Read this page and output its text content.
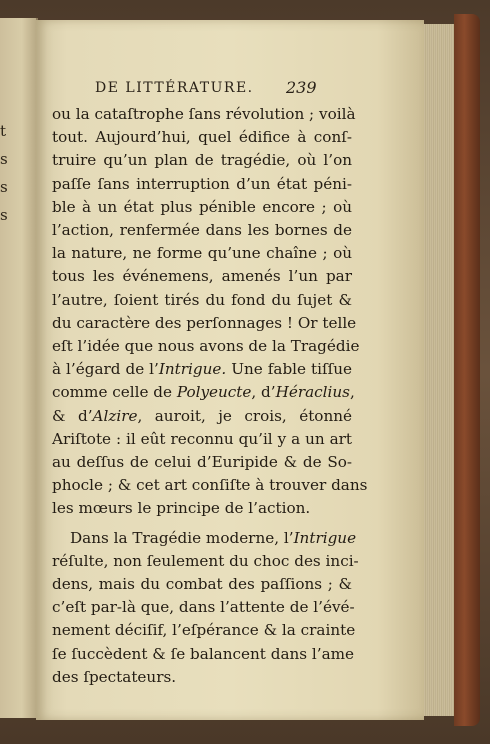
t
s
s
s
DE LITTÉRATURE.	239
ou la cataſtrophe ſans révolution ; voilà
tout. Aujourd’hui, quel édifice à conſ-
truire qu’un plan de tragédie, où l’on
paſſe ſans interruption d’un état péni-
ble à un état plus pénible encore ; où
l’action, renfermée dans les bornes de
la nature, ne forme qu’une chaîne ; où
tous les événemens, amenés l’un par
l’autre, ſoient tirés du fond du ſujet &
du caractère des perſonnages ! Or telle
eſt l’idée que nous avons de la Tragédie
à l’égard de l’Intrigue. Une fable tiſſue
comme celle de Polyeucte, d’Héraclius,
& d’Alzire, auroit, je crois, étonné
Ariſtote : il eût reconnu qu’il y a un art
au deſſus de celui d’Euripide & de So-
phocle ; & cet art conſiſte à trouver dans
les mœurs le principe de l’action.
Dans la Tragédie moderne, l’Intrigue
réſulte, non ſeulement du choc des inci-
dens, mais du combat des paſſions ; &
c’eſt par-là que, dans l’attente de l’évé-
nement déciſif, l’eſpérance & la crainte
ſe ſuccèdent & ſe balancent dans l’ame
des ſpectateurs.
